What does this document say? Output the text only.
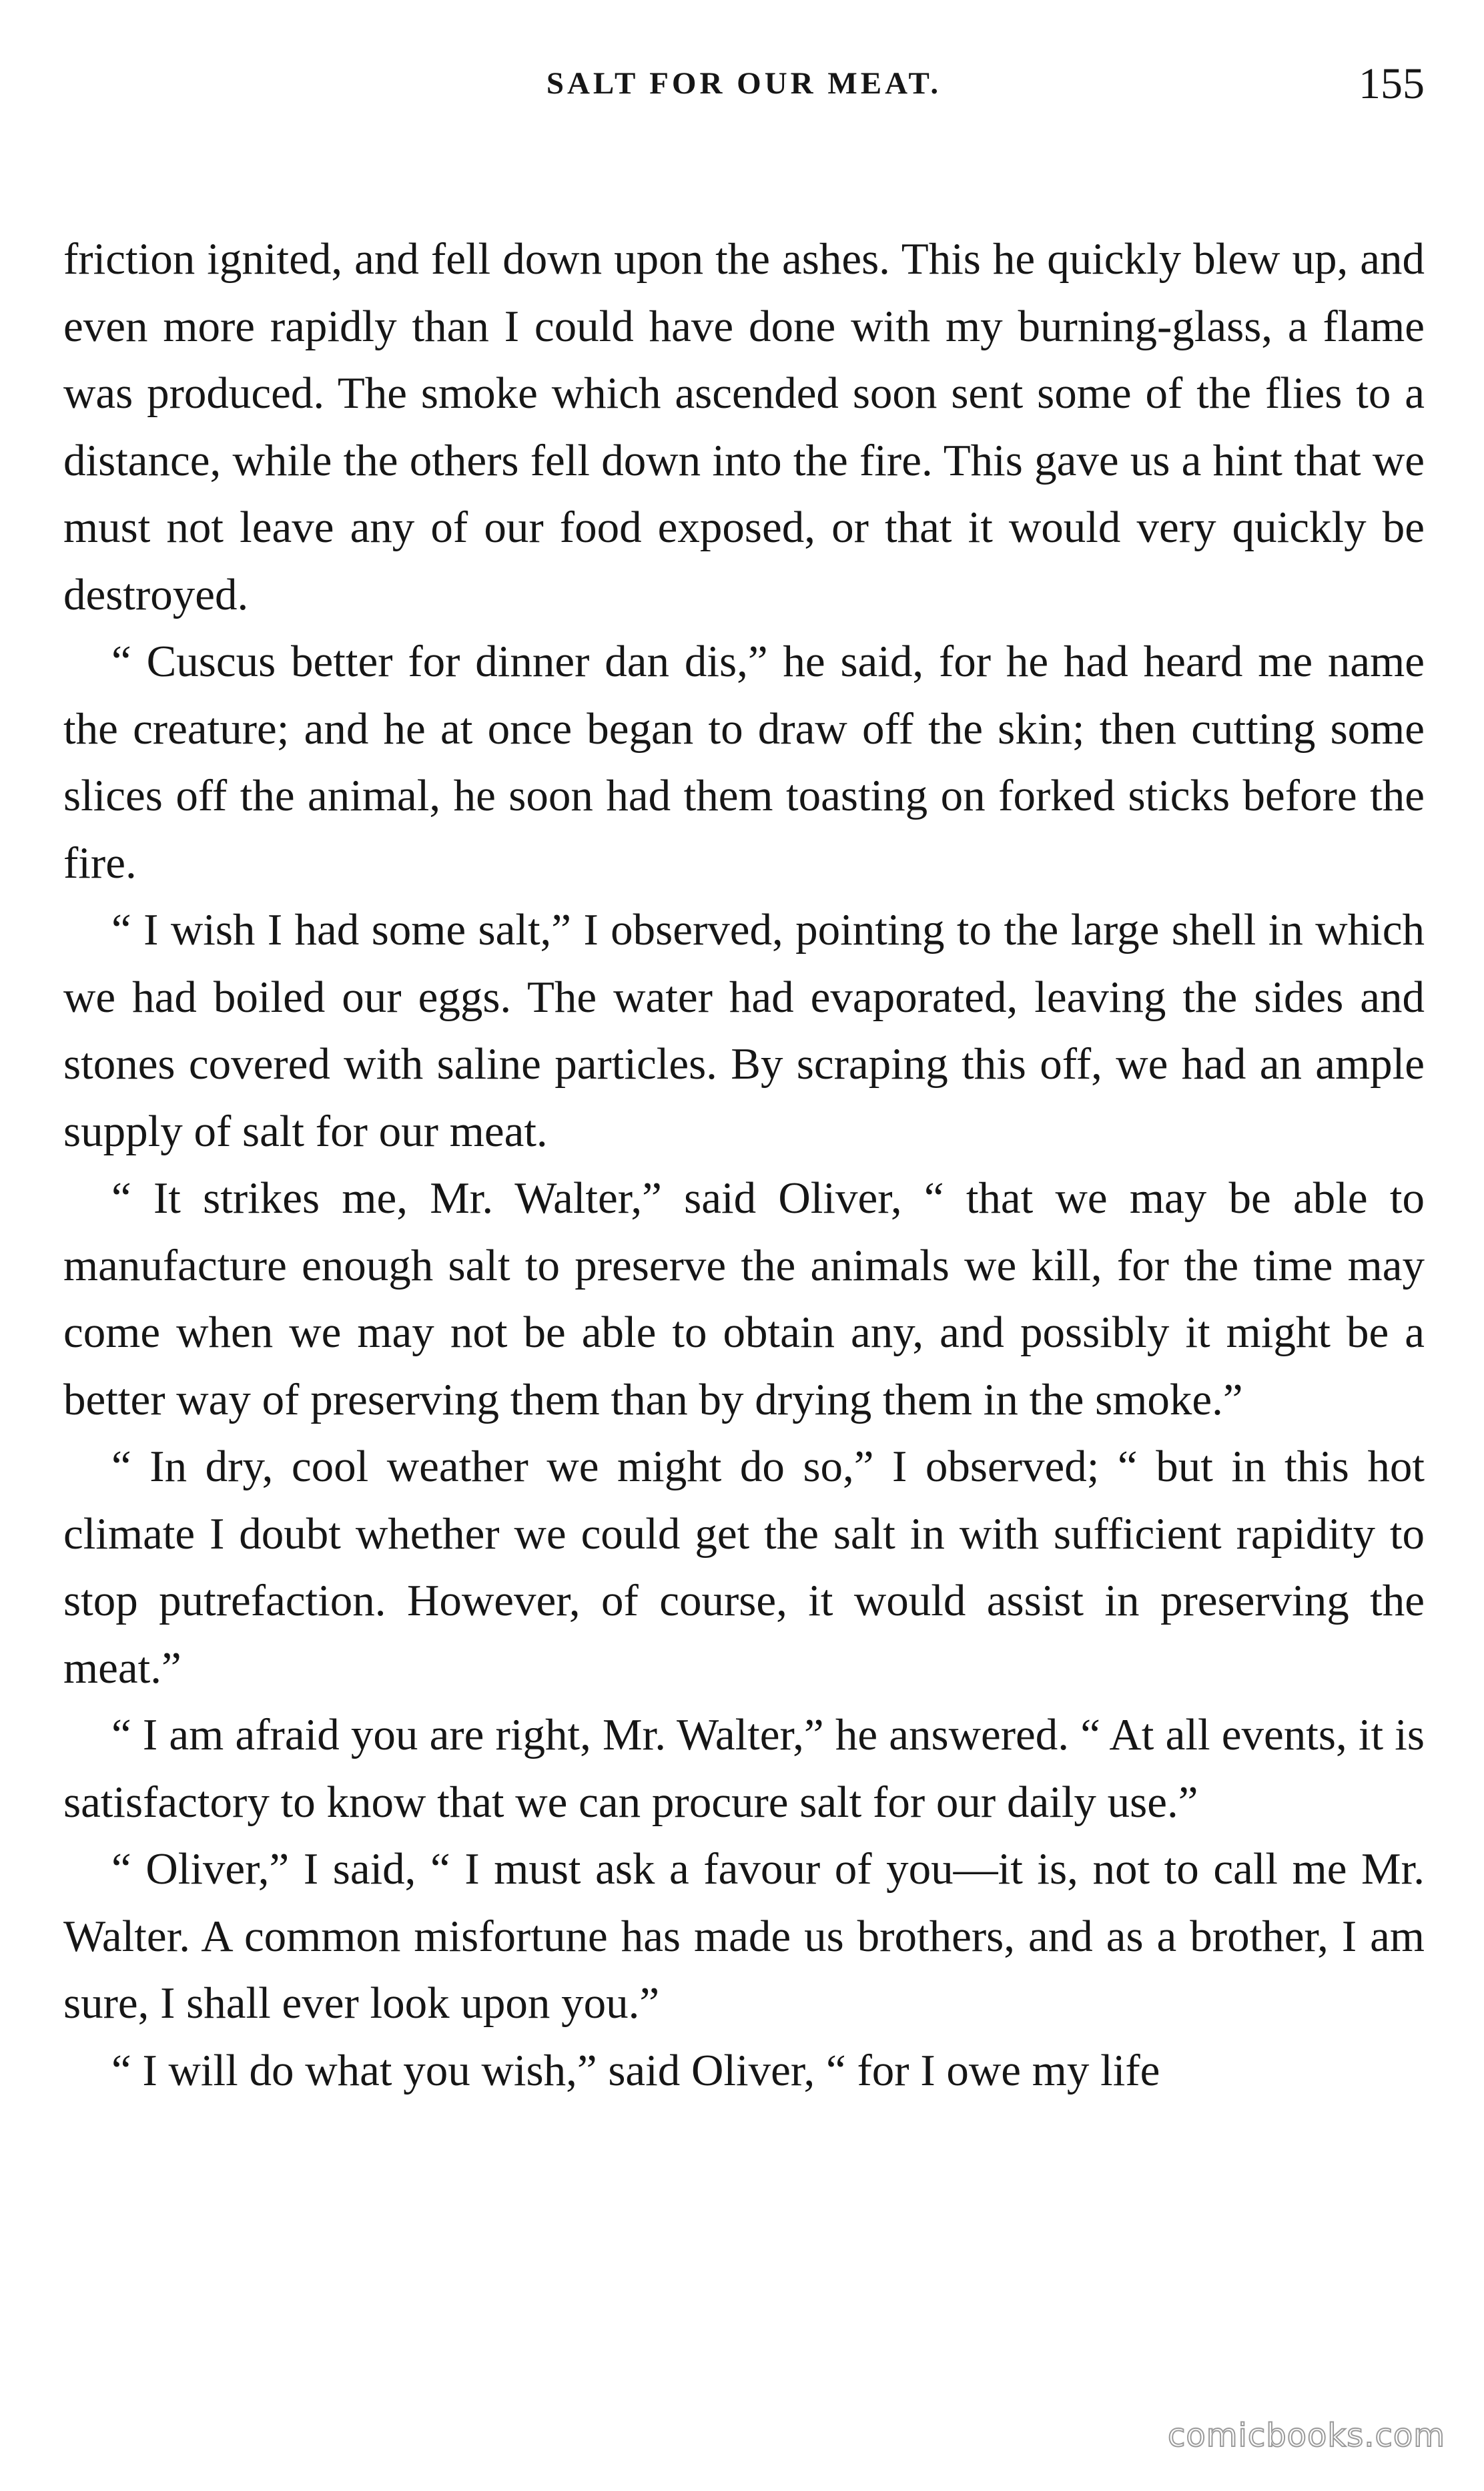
SALT FOR OUR MEAT.	155

friction ignited, and fell down upon the ashes. This he quickly blew up, and even more rapidly than I could have done with my burning-glass, a flame was produced. The smoke which ascended soon sent some of the flies to a distance, while the others fell down into the fire. This gave us a hint that we must not leave any of our food exposed, or that it would very quickly be destroyed.

“ Cuscus better for dinner dan dis,” he said, for he had heard me name the creature; and he at once began to draw off the skin; then cutting some slices off the animal, he soon had them toasting on forked sticks before the fire.

“ I wish I had some salt,” I observed, pointing to the large shell in which we had boiled our eggs. The water had evaporated, leaving the sides and stones covered with saline particles. By scraping this off, we had an ample supply of salt for our meat.

“ It strikes me, Mr. Walter,” said Oliver, “ that we may be able to manufacture enough salt to preserve the animals we kill, for the time may come when we may not be able to obtain any, and possibly it might be a better way of preserving them than by drying them in the smoke.”

“ In dry, cool weather we might do so,” I observed; “ but in this hot climate I doubt whether we could get the salt in with sufficient rapidity to stop putrefaction. However, of course, it would assist in preserving the meat.”

“ I am afraid you are right, Mr. Walter,” he answered. “ At all events, it is satisfactory to know that we can procure salt for our daily use.”

“ Oliver,” I said, “ I must ask a favour of you—it is, not to call me Mr. Walter. A common misfortune has made us brothers, and as a brother, I am sure, I shall ever look upon you.”

“ I will do what you wish,” said Oliver, “ for I owe my life

comicbooks.com
